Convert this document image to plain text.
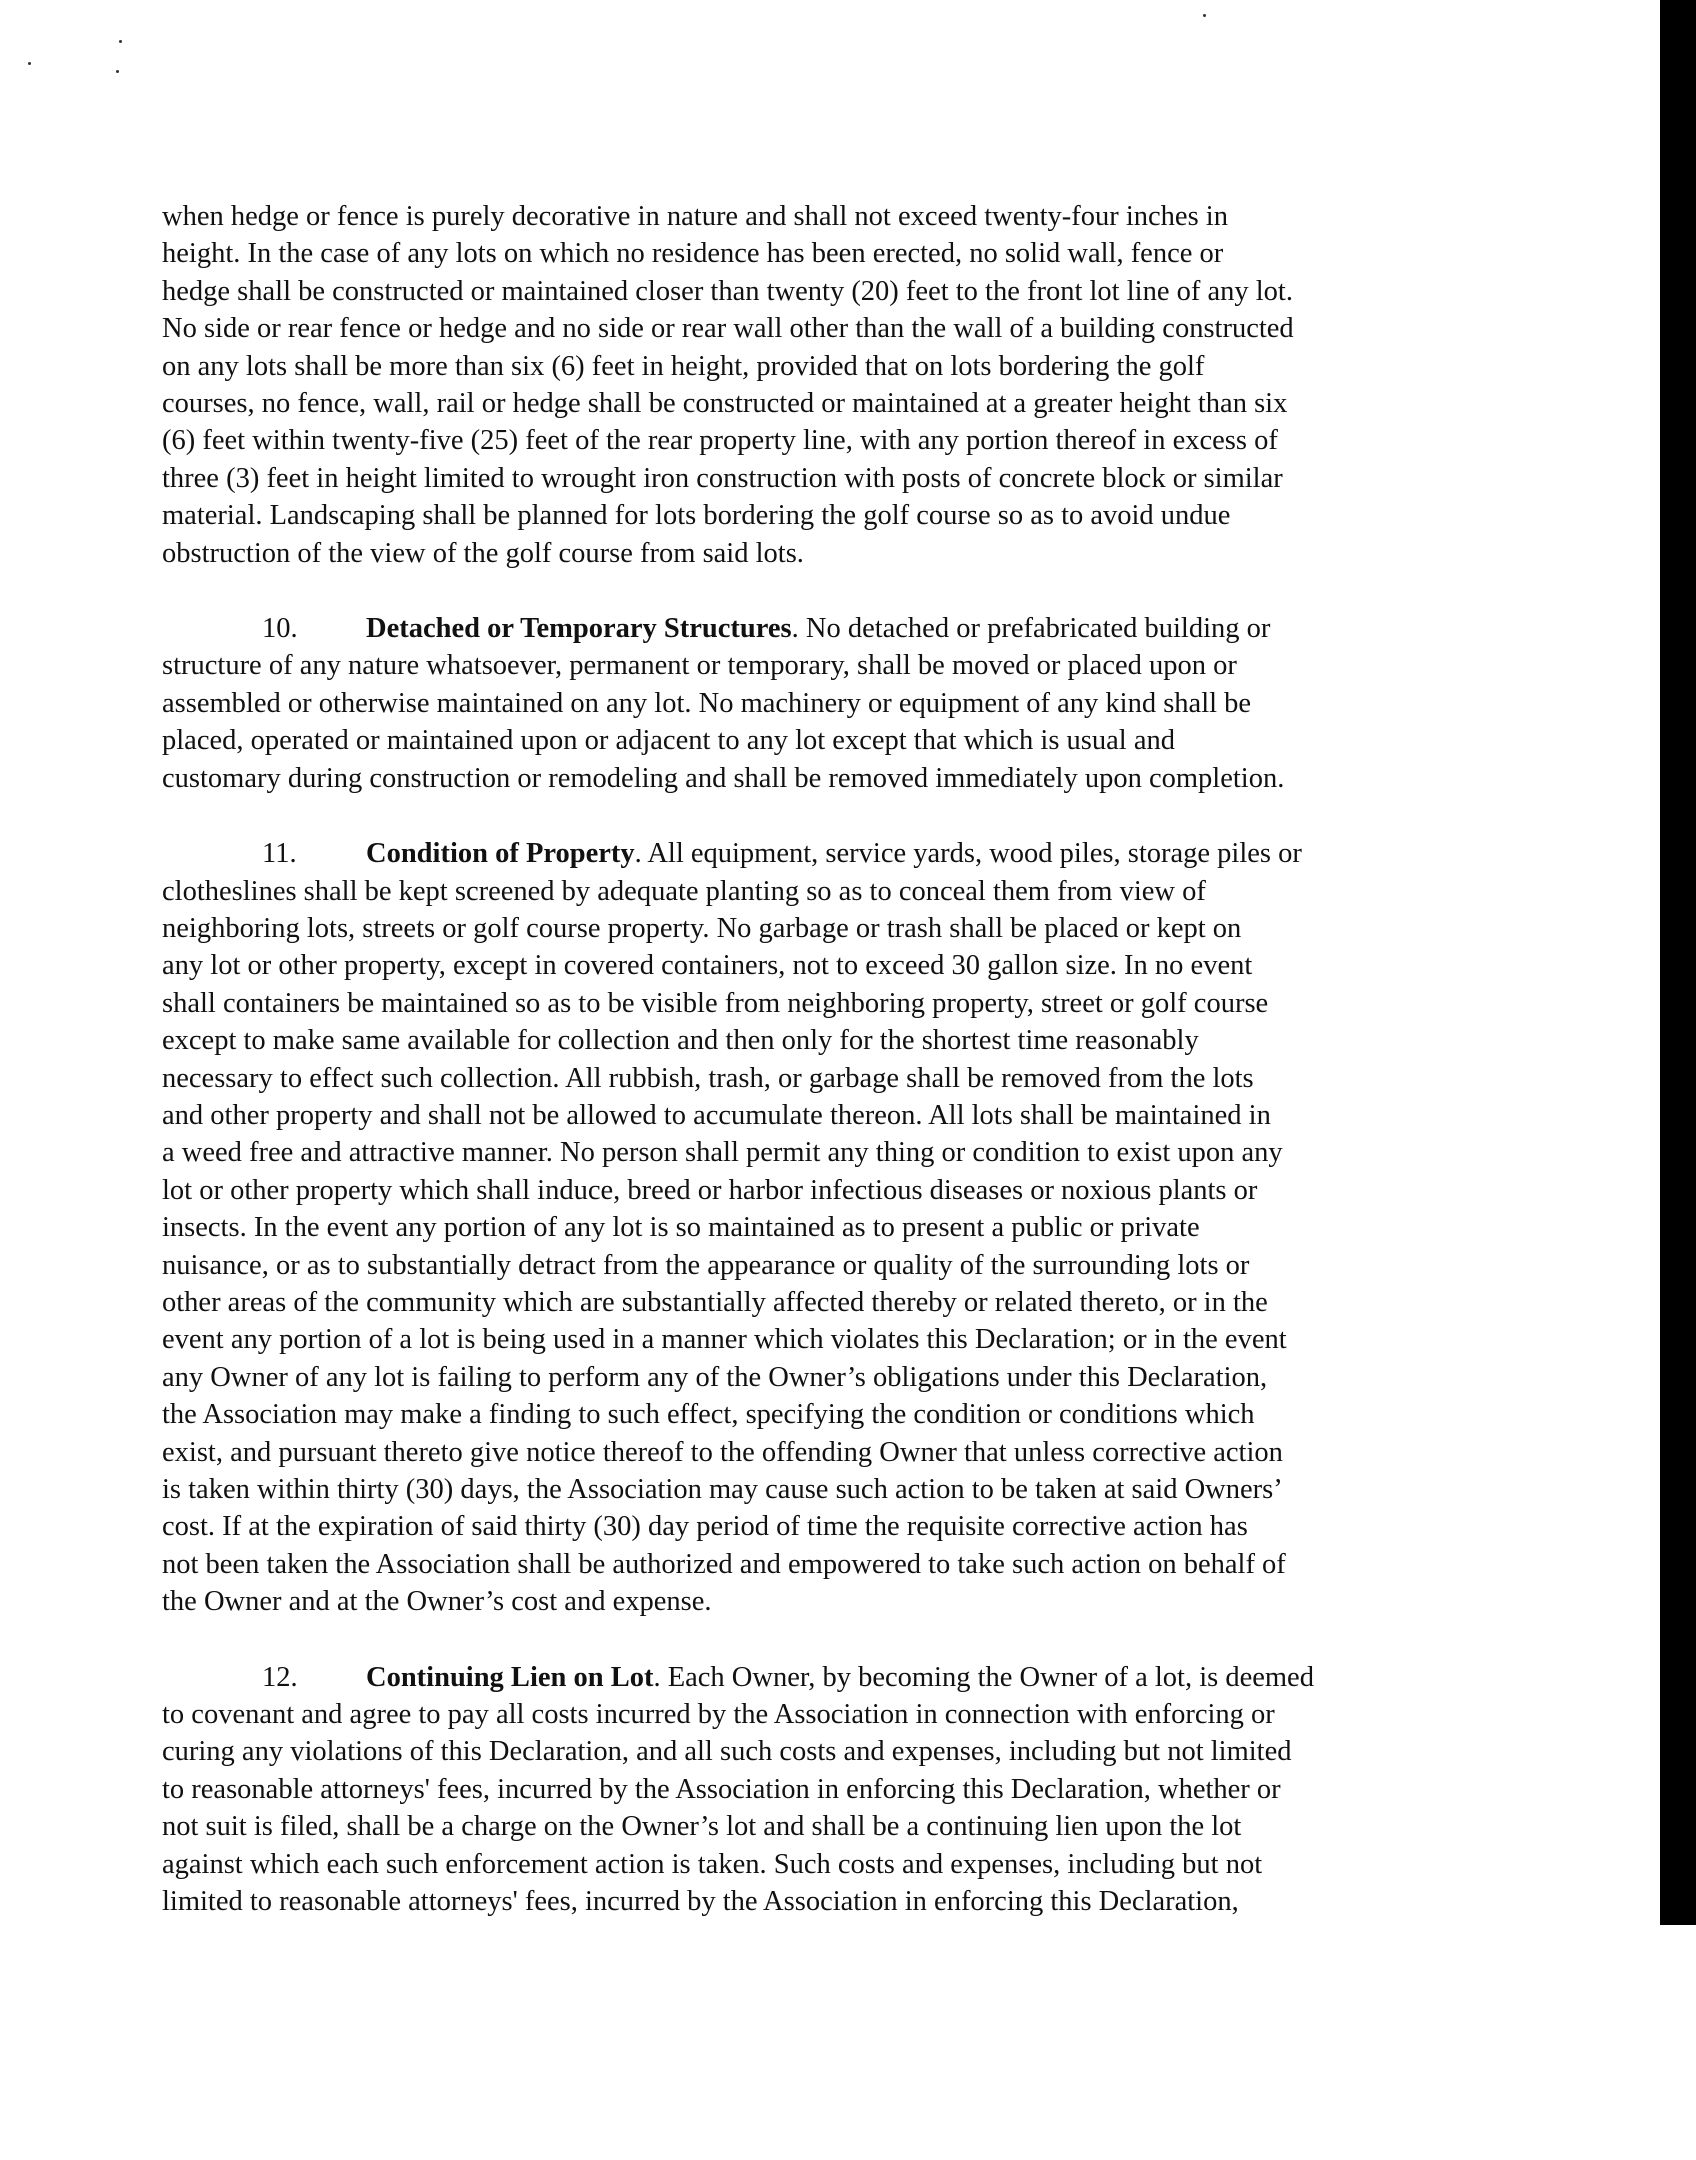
when hedge or fence is purely decorative in nature and shall not exceed twenty-four inches in
height. In the case of any lots on which no residence has been erected, no solid wall, fence or
hedge shall be constructed or maintained closer than twenty (20) feet to the front lot line of any lot.
No side or rear fence or hedge and no side or rear wall other than the wall of a building constructed
on any lots shall be more than six (6) feet in height, provided that on lots bordering the golf
courses, no fence, wall, rail or hedge shall be constructed or maintained at a greater height than six
(6) feet within twenty-five (25) feet of the rear property line, with any portion thereof in excess of
three (3) feet in height limited to wrought iron construction with posts of concrete block or similar
material. Landscaping shall be planned for lots bordering the golf course so as to avoid undue
obstruction of the view of the golf course from said lots.

10. Detached or Temporary Structures. No detached or prefabricated building or
structure of any nature whatsoever, permanent or temporary, shall be moved or placed upon or
assembled or otherwise maintained on any lot. No machinery or equipment of any kind shall be
placed, operated or maintained upon or adjacent to any lot except that which is usual and
customary during construction or remodeling and shall be removed immediately upon completion.

11. Condition of Property. All equipment, service yards, wood piles, storage piles or
clotheslines shall be kept screened by adequate planting so as to conceal them from view of
neighboring lots, streets or golf course property. No garbage or trash shall be placed or kept on
any lot or other property, except in covered containers, not to exceed 30 gallon size. In no event
shall containers be maintained so as to be visible from neighboring property, street or golf course
except to make same available for collection and then only for the shortest time reasonably
necessary to effect such collection. All rubbish, trash, or garbage shall be removed from the lots
and other property and shall not be allowed to accumulate thereon. All lots shall be maintained in
a weed free and attractive manner. No person shall permit any thing or condition to exist upon any
lot or other property which shall induce, breed or harbor infectious diseases or noxious plants or
insects. In the event any portion of any lot is so maintained as to present a public or private
nuisance, or as to substantially detract from the appearance or quality of the surrounding lots or
other areas of the community which are substantially affected thereby or related thereto, or in the
event any portion of a lot is being used in a manner which violates this Declaration; or in the event
any Owner of any lot is failing to perform any of the Owner’s obligations under this Declaration,
the Association may make a finding to such effect, specifying the condition or conditions which
exist, and pursuant thereto give notice thereof to the offending Owner that unless corrective action
is taken within thirty (30) days, the Association may cause such action to be taken at said Owners’
cost. If at the expiration of said thirty (30) day period of time the requisite corrective action has
not been taken the Association shall be authorized and empowered to take such action on behalf of
the Owner and at the Owner’s cost and expense.

12. Continuing Lien on Lot. Each Owner, by becoming the Owner of a lot, is deemed
to covenant and agree to pay all costs incurred by the Association in connection with enforcing or
curing any violations of this Declaration, and all such costs and expenses, including but not limited
to reasonable attorneys' fees, incurred by the Association in enforcing this Declaration, whether or
not suit is filed, shall be a charge on the Owner’s lot and shall be a continuing lien upon the lot
against which each such enforcement action is taken. Such costs and expenses, including but not
limited to reasonable attorneys' fees, incurred by the Association in enforcing this Declaration,
